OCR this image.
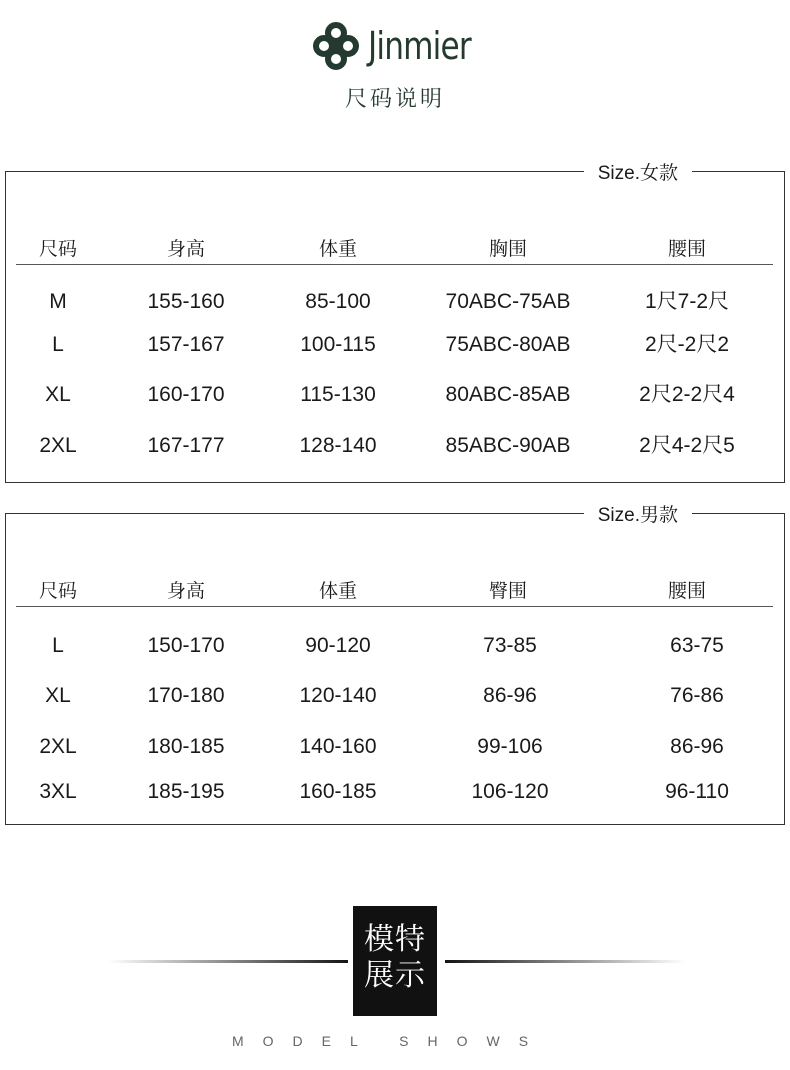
Jinmier
尺码说明
Size.女款
尺码	身高	体重	胸围	腰围
M	155-160	85-100	70ABC-75AB	1尺7-2尺
L	157-167	100-115	75ABC-80AB	2尺-2尺2
XL	160-170	115-130	80ABC-85AB	2尺2-2尺4
2XL	167-177	128-140	85ABC-90AB	2尺4-2尺5
Size.男款
尺码	身高	体重	臀围	腰围
L	150-170	90-120	73-85	63-75
XL	170-180	120-140	86-96	76-86
2XL	180-185	140-160	99-106	86-96
3XL	185-195	160-185	106-120	96-110
模特
展示
MODEL SHOWS
